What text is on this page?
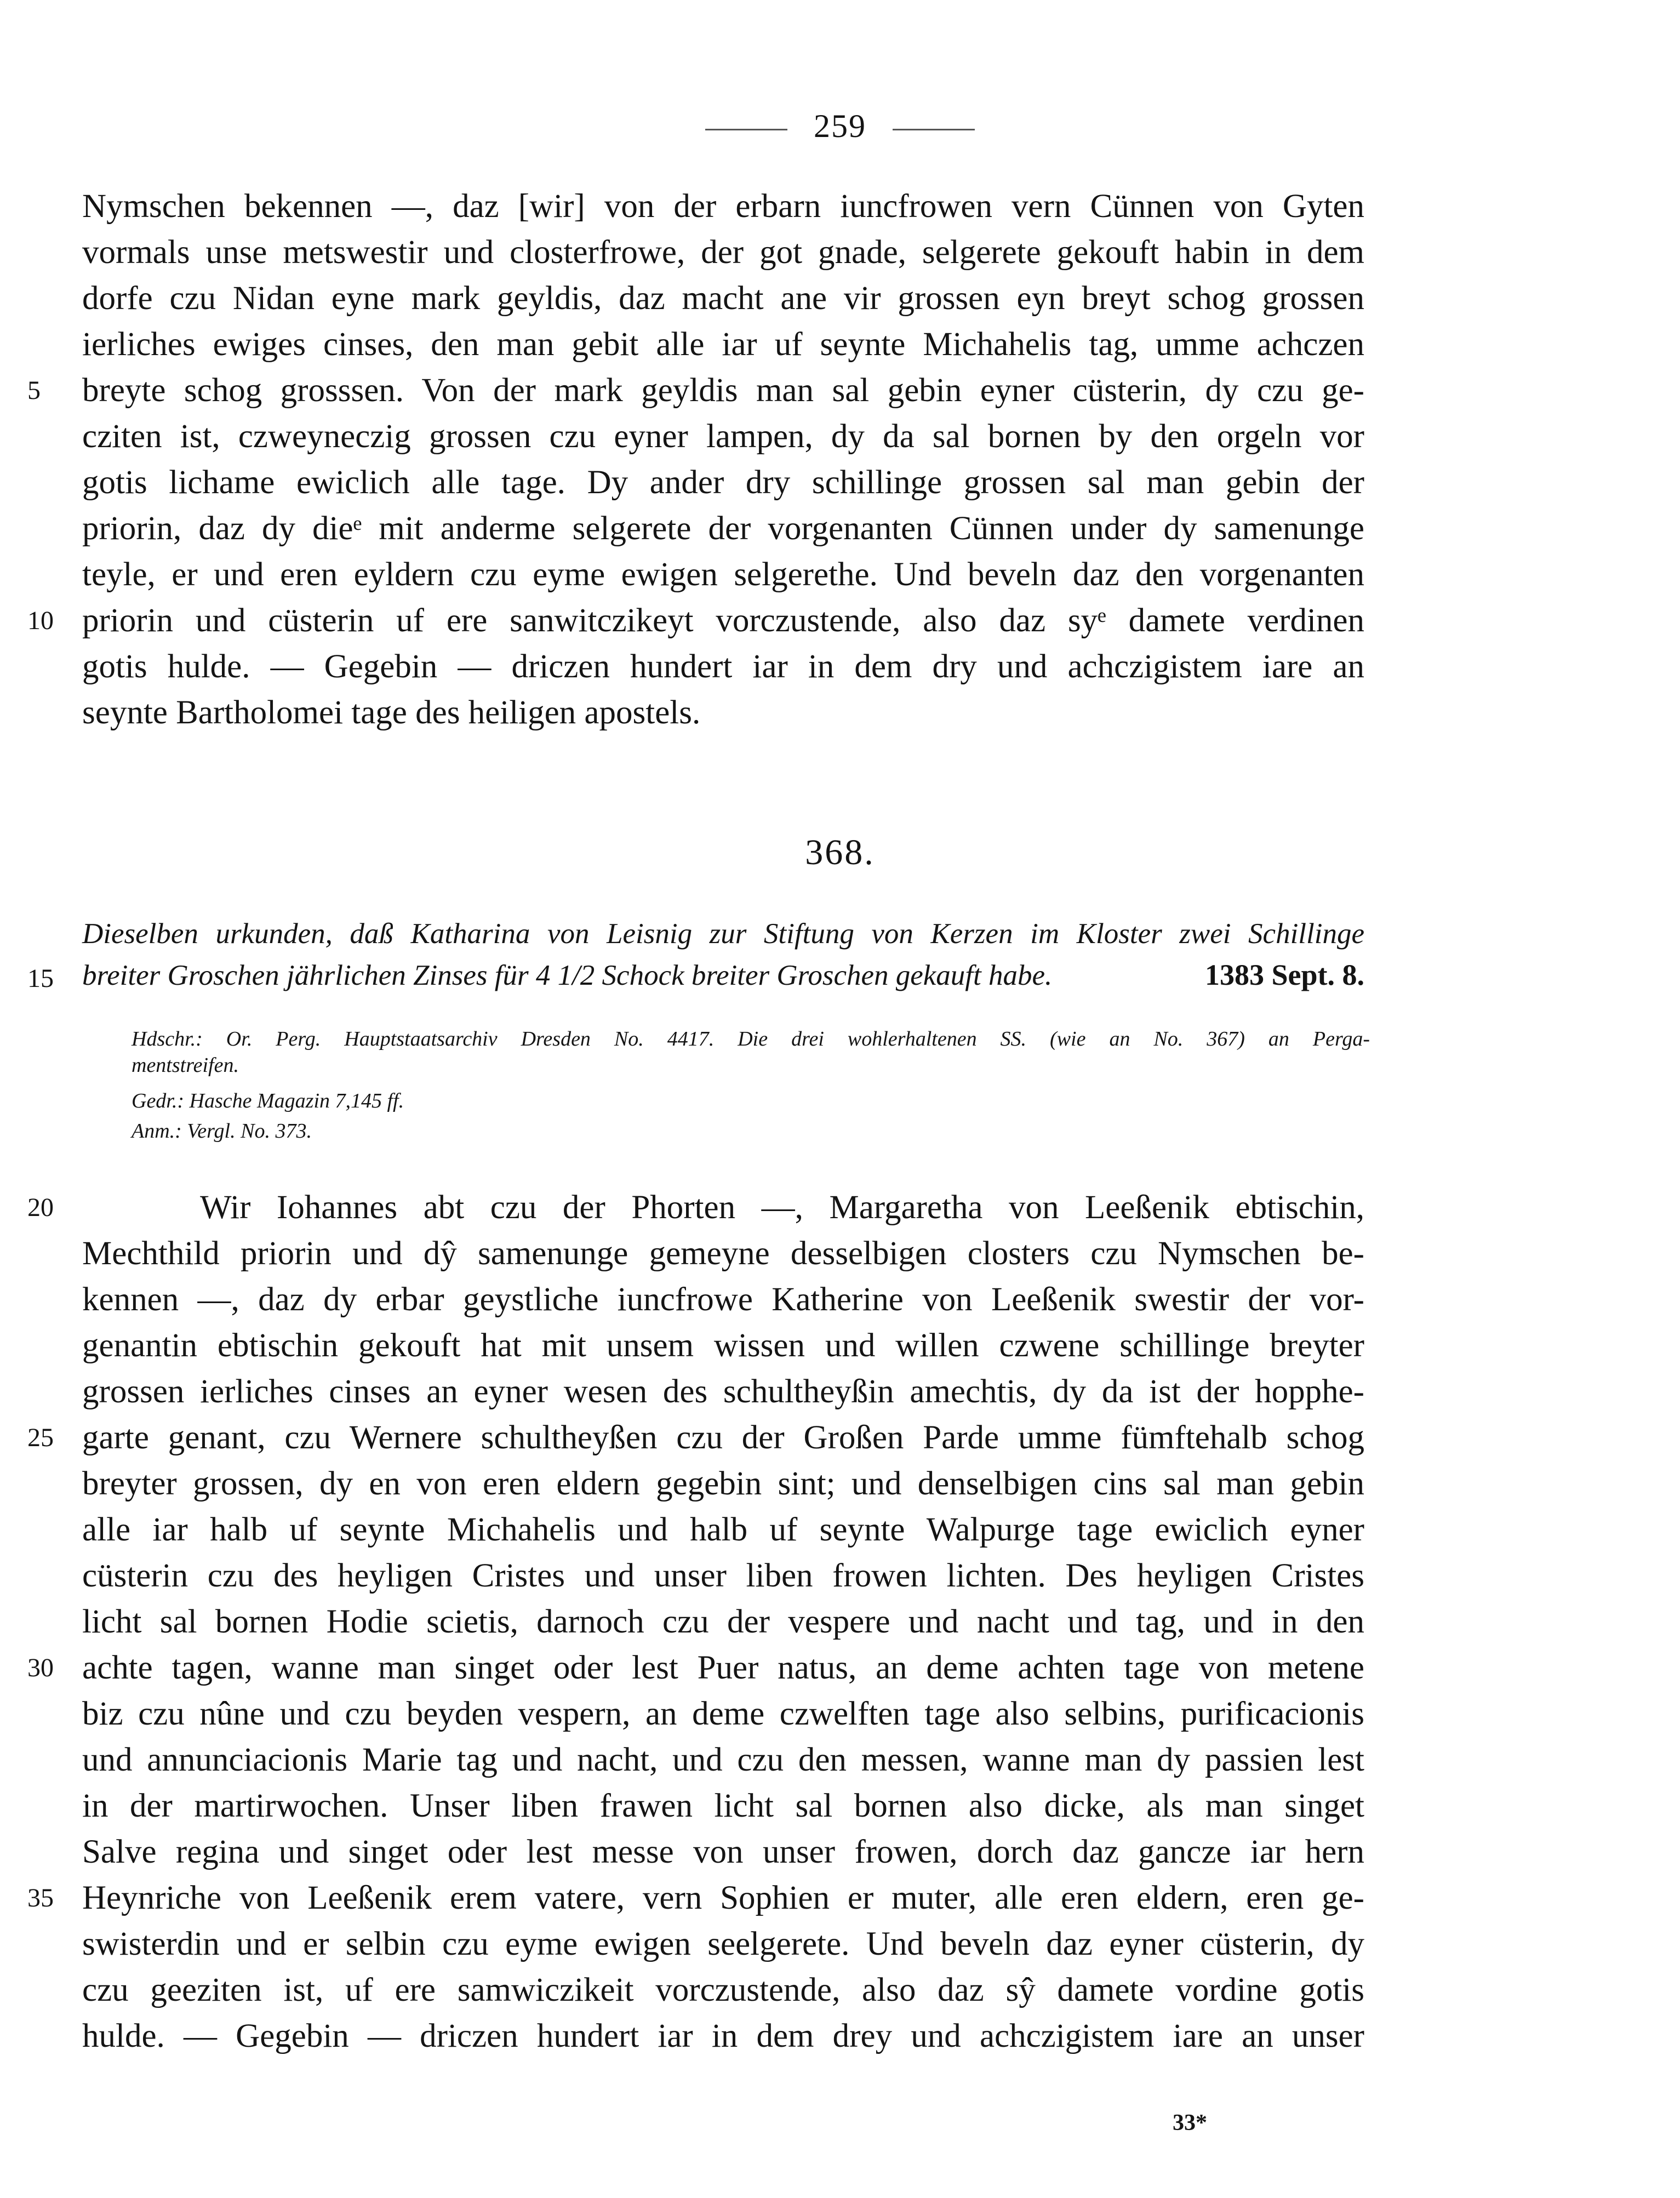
259
Nymschen bekennen —, daz [wir] von der erbarn iuncfrowen vern Cünnen von Gyten
vormals unse metswestir und closterfrowe, der got gnade, selgerete gekouft habin in dem
dorfe czu Nidan eyne mark geyldis, daz macht ane vir grossen eyn breyt schog grossen
ierliches ewiges cinses, den man gebit alle iar uf seynte Michahelis tag, umme achczen
5	breyte schog grosssen. Von der mark geyldis man sal gebin eyner cüsterin, dy czu ge-
cziten ist, czweyneczig grossen czu eyner lampen, dy da sal bornen by den orgeln vor
gotis lichame ewiclich alle tage. Dy ander dry schillinge grossen sal man gebin der
priorin, daz dy dieᵉ mit anderme selgerete der vorgenanten Cünnen under dy samenunge
teyle, er und eren eyldern czu eyme ewigen selgerethe. Und beveln daz den vorgenanten
10 priorin und cüsterin uf ere sanwitczikeyt vorczustende, also daz syᵉ damete verdinen
gotis hulde. — Gegebin — driczen hundert iar in dem dry und achczigistem iare an
seynte Bartholomei tage des heiligen apostels.
368.
Dieselben urkunden, daß Katharina von Leisnig zur Stiftung von Kerzen im Kloster zwei Schillinge
15 breiter Groschen jährlichen Zinses für 4 1/2 Schock breiter Groschen gekauft habe.	1383 Sept. 8.
Hdschr.: Or. Perg. Hauptstaatsarchiv Dresden No. 4417. Die drei wohlerhaltenen SS. (wie an No. 367) an Perga-
mentstreifen.
Gedr.: Hasche Magazin 7,145 ff.
Anm.: Vergl. No. 373.
20	Wir Iohannes abt czu der Phorten —, Margaretha von Leeßenik ebtischin,
Mechthild priorin und dŷ samenunge gemeyne desselbigen closters czu Nymschen be-
kennen —, daz dy erbar geystliche iuncfrowe Katherine von Leeßenik swestir der vor-
genantin ebtischin gekouft hat mit unsem wissen und willen czwene schillinge breyter
grossen ierliches cinses an eyner wesen des schultheyßin amechtis, dy da ist der hopphe-
25 garte genant, czu Wernere schultheyßen czu der Großen Parde umme fümftehalb schog
breyter grossen, dy en von eren eldern gegebin sint; und denselbigen cins sal man gebin
alle iar halb uf seynte Michahelis und halb uf seynte Walpurge tage ewiclich eyner
cüsterin czu des heyligen Cristes und unser liben frowen lichten. Des heyligen Cristes
licht sal bornen Hodie scietis, darnoch czu der vespere und nacht und tag, und in den
30 achte tagen, wanne man singet oder lest Puer natus, an deme achten tage von metene
biz czu nûne und czu beyden vespern, an deme czwelften tage also selbins, purificacionis
und annunciacionis Marie tag und nacht, und czu den messen, wanne man dy passien lest
in der martirwochen. Unser liben frawen licht sal bornen also dicke, als man singet
Salve regina und singet oder lest messe von unser frowen, dorch daz gancze iar hern
35 Heynriche von Leeßenik erem vatere, vern Sophien er muter, alle eren eldern, eren ge-
swisterdin und er selbin czu eyme ewigen seelgerete. Und beveln daz eyner cüsterin, dy
czu geeziten ist, uf ere samwiczikeit vorczustende, also daz sŷ damete vordine gotis
hulde. — Gegebin — driczen hundert iar in dem drey und achczigistem iare an unser
33*
